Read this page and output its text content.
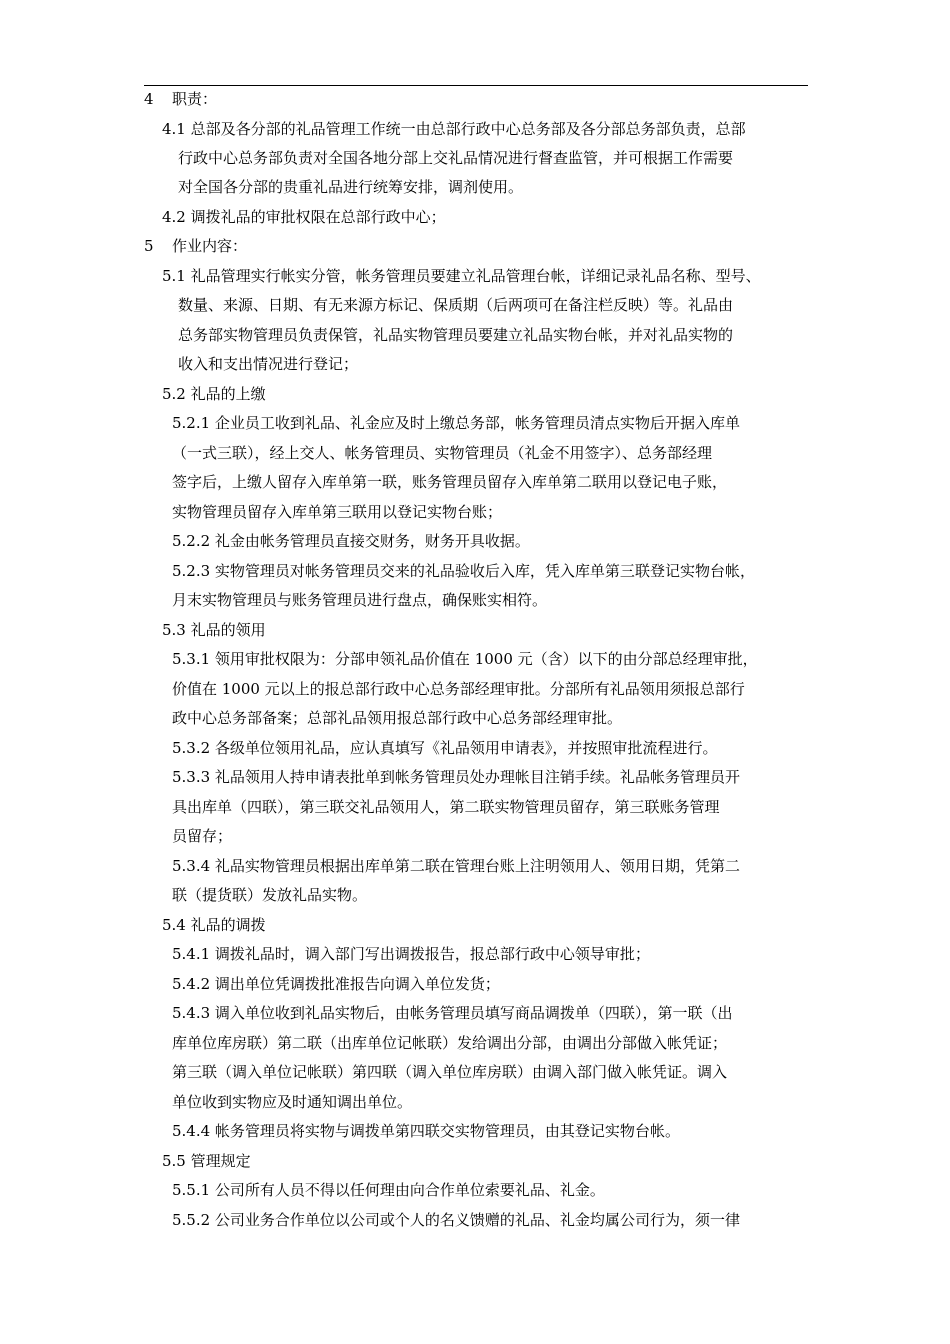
4 职责：
4.1 总部及各分部的礼品管理工作统一由总部行政中心总务部及各分部总务部负责，总部
行政中心总务部负责对全国各地分部上交礼品情况进行督查监管，并可根据工作需要
对全国各分部的贵重礼品进行统筹安排，调剂使用。
4.2 调拨礼品的审批权限在总部行政中心；
5 作业内容：
5.1 礼品管理实行帐实分管，帐务管理员要建立礼品管理台帐，详细记录礼品名称、型号、
数量、来源、日期、有无来源方标记、保质期（后两项可在备注栏反映）等。礼品由
总务部实物管理员负责保管，礼品实物管理员要建立礼品实物台帐，并对礼品实物的
收入和支出情况进行登记；
5.2 礼品的上缴
5.2.1 企业员工收到礼品、礼金应及时上缴总务部，帐务管理员清点实物后开据入库单
（一式三联），经上交人、帐务管理员、实物管理员（礼金不用签字）、总务部经理
签字后，上缴人留存入库单第一联，账务管理员留存入库单第二联用以登记电子账，
实物管理员留存入库单第三联用以登记实物台账；
5.2.2 礼金由帐务管理员直接交财务，财务开具收据。
5.2.3 实物管理员对帐务管理员交来的礼品验收后入库，凭入库单第三联登记实物台帐，
月末实物管理员与账务管理员进行盘点，确保账实相符。
5.3 礼品的领用
5.3.1 领用审批权限为：分部申领礼品价值在 1000 元（含）以下的由分部总经理审批，
价值在 1000 元以上的报总部行政中心总务部经理审批。分部所有礼品领用须报总部行
政中心总务部备案；总部礼品领用报总部行政中心总务部经理审批。
5.3.2 各级单位领用礼品，应认真填写《礼品领用申请表》，并按照审批流程进行。
5.3.3 礼品领用人持申请表批单到帐务管理员处办理帐目注销手续。礼品帐务管理员开
具出库单（四联），第三联交礼品领用人，第二联实物管理员留存，第三联账务管理
员留存；
5.3.4 礼品实物管理员根据出库单第二联在管理台账上注明领用人、领用日期，凭第二
联（提货联）发放礼品实物。
5.4 礼品的调拨
5.4.1 调拨礼品时，调入部门写出调拨报告，报总部行政中心领导审批；
5.4.2 调出单位凭调拨批准报告向调入单位发货；
5.4.3 调入单位收到礼品实物后，由帐务管理员填写商品调拨单（四联），第一联（出
库单位库房联）第二联（出库单位记帐联）发给调出分部，由调出分部做入帐凭证；
第三联（调入单位记帐联）第四联（调入单位库房联）由调入部门做入帐凭证。调入
单位收到实物应及时通知调出单位。
5.4.4 帐务管理员将实物与调拨单第四联交实物管理员，由其登记实物台帐。
5.5 管理规定
5.5.1 公司所有人员不得以任何理由向合作单位索要礼品、礼金。
5.5.2 公司业务合作单位以公司或个人的名义馈赠的礼品、礼金均属公司行为，须一律
